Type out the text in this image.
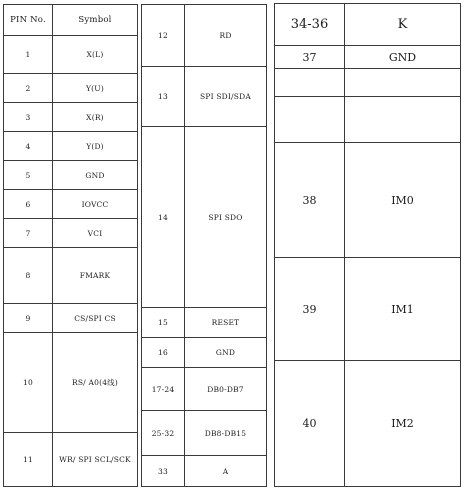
PIN No.	Symbol
1	X(L)
2	Y(U)
3	X(R)
4	Y(D)
5	GND
6	IOVCC
7	VCI
8	FMARK
9	CS/SPI CS
10	RS/ A0(4线)
11	WR/ SPI SCL/SCK
12	RD
13	SPI SDI/SDA
14	SPI SDO
15	RESET
16	GND
17-24	DB0-DB7
25-32	DB8-DB15
33	A
34-36	K
37	GND

38	IM0
39	IM1
40	IM2
